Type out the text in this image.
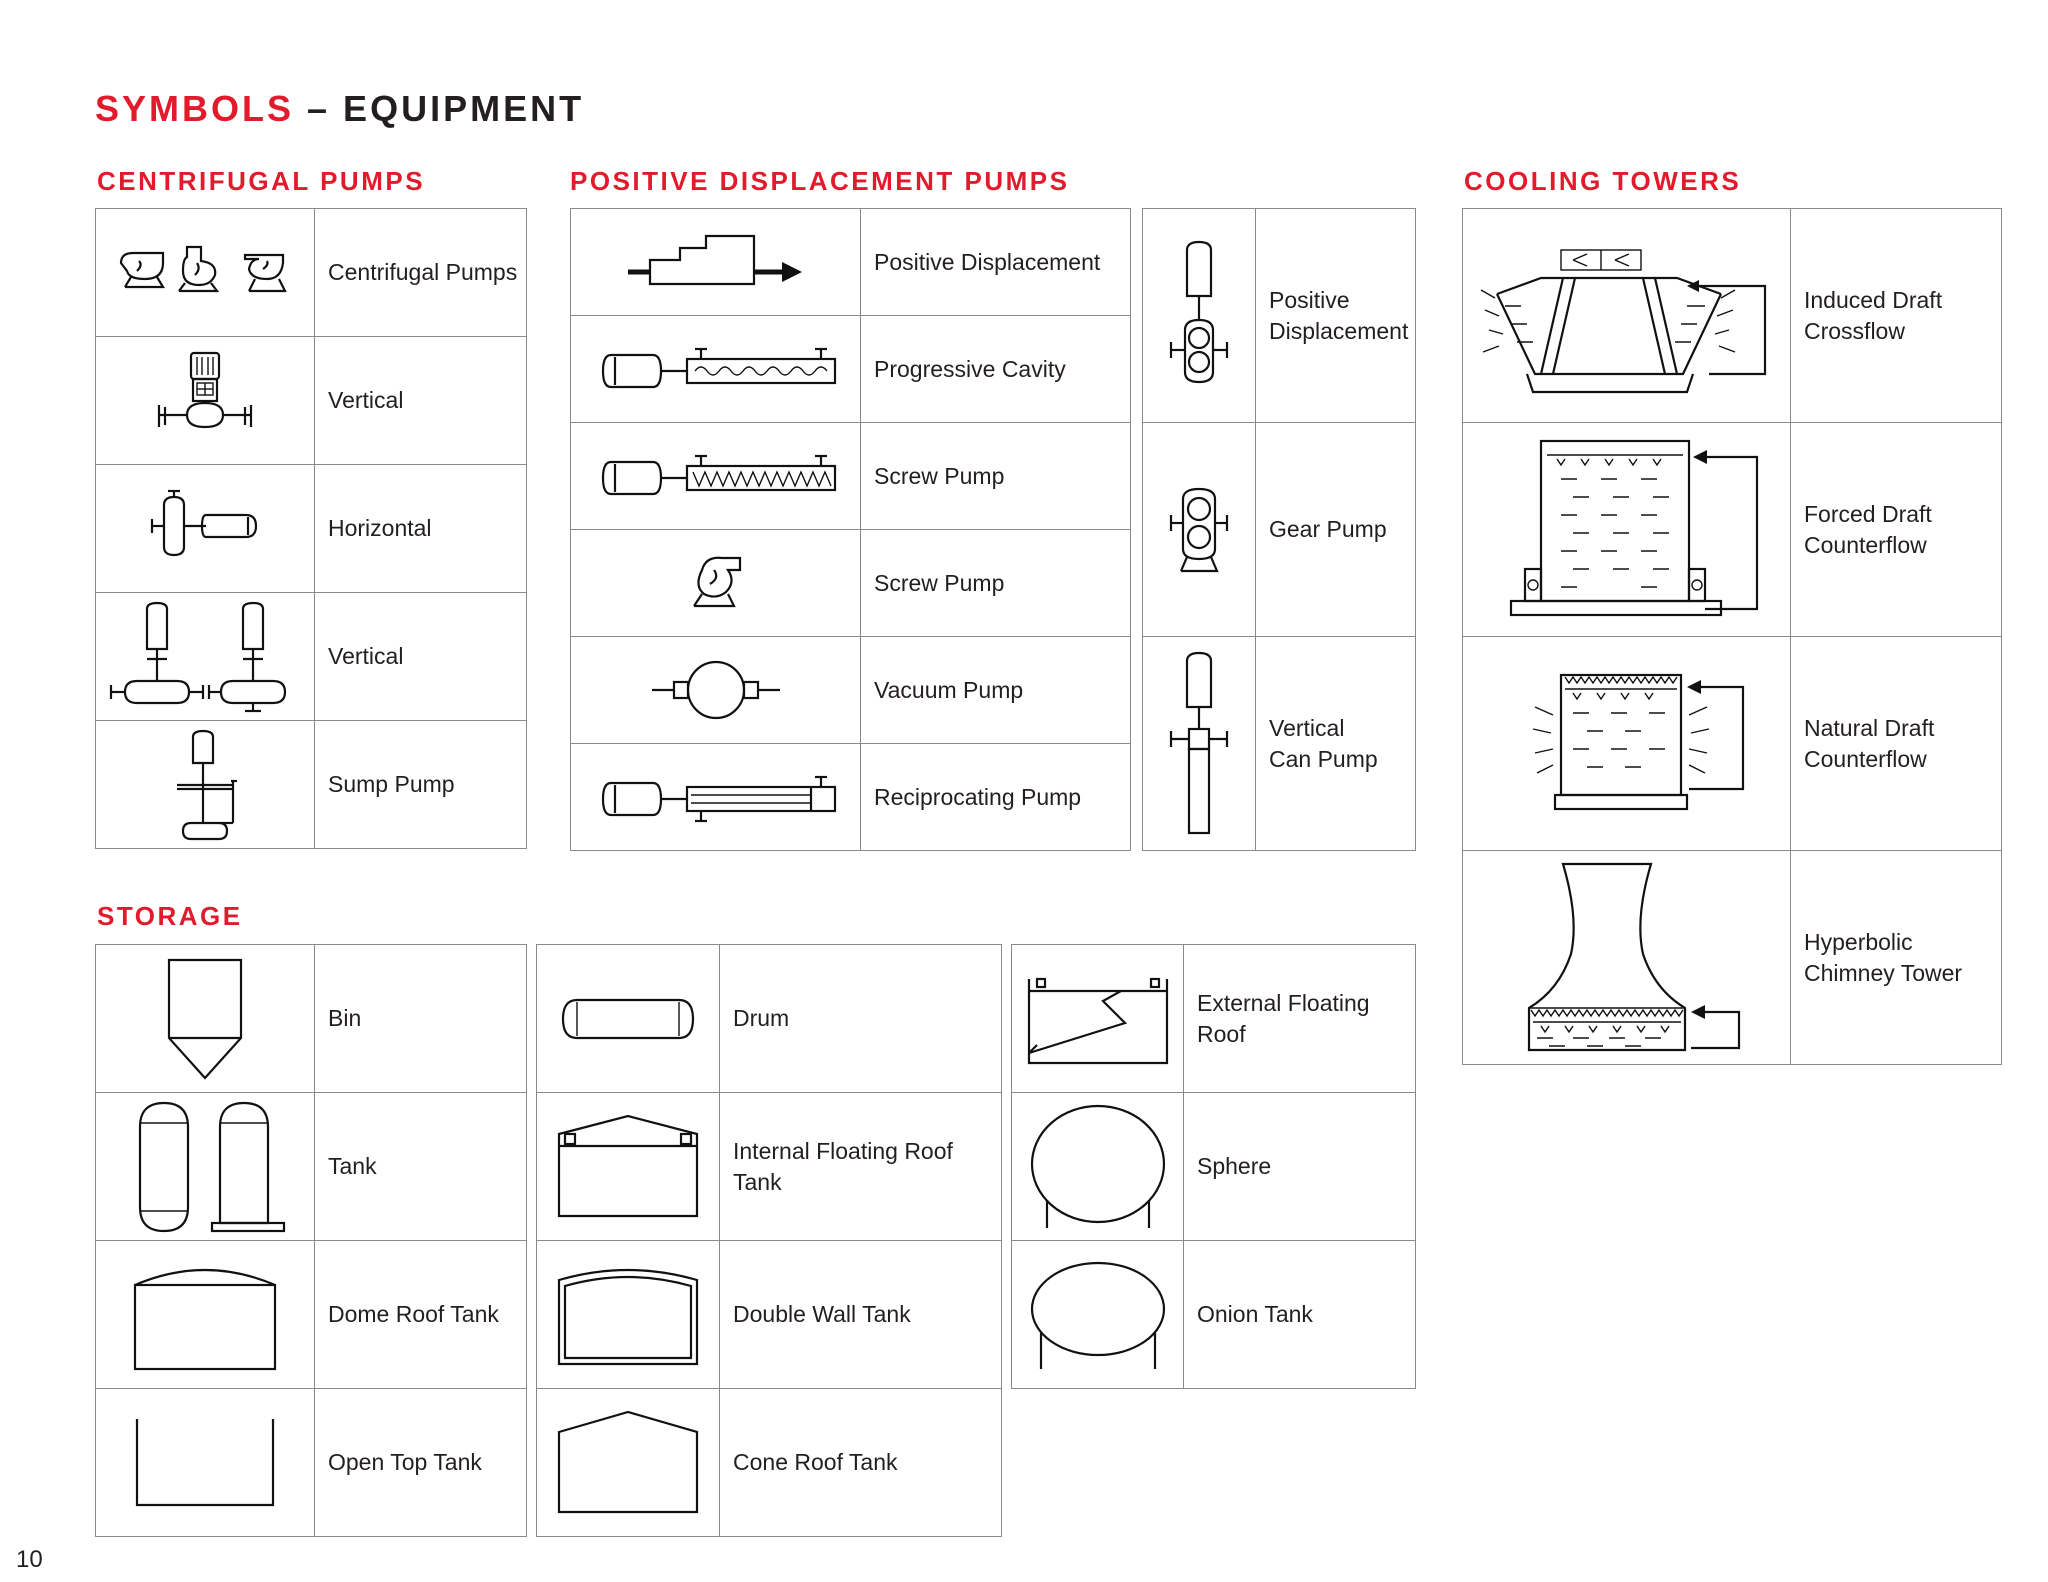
SYMBOLS – EQUIPMENT
CENTRIFUGAL PUMPS	POSITIVE DISPLACEMENT PUMPS	COOLING TOWERS
STORAGE
	Centrifugal Pumps

	Vertical

	Horizontal

	Vertical

	Sump Pump
	Positive Displacement

	Progressive Cavity

	Screw Pump

	Screw Pump

	Vacuum Pump

	Reciprocating Pump
	Positive
Displacement

	Gear Pump

	Vertical
Can Pump
	Induced Draft
Crossflow

	Forced Draft
Counterflow

	Natural Draft
Counterflow

	Hyperbolic
Chimney Tower
	Bin

	Tank

	Dome Roof Tank

	Open Top Tank
	Drum

	Internal Floating Roof Tank

	Double Wall Tank

	Cone Roof Tank
	External Floating Roof

	Sphere

	Onion Tank
10
